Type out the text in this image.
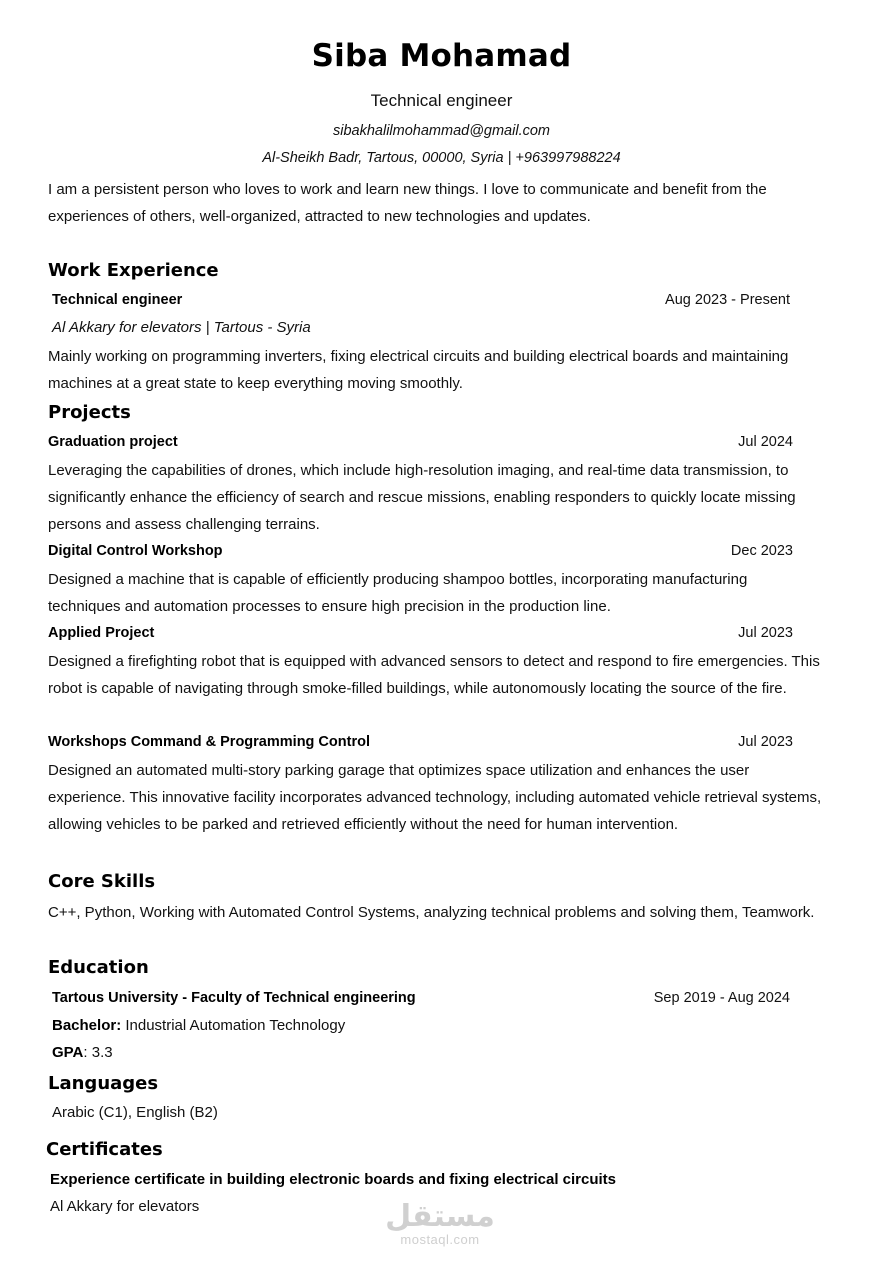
Siba Mohamad
Technical engineer
sibakhalilmohammad@gmail.com
Al-Sheikh Badr, Tartous, 00000, Syria | +963997988224
I am a persistent person who loves to work and learn new things. I love to communicate and benefit from the experiences of others, well-organized, attracted to new technologies and updates.
Work Experience
Technical engineer	Aug 2023 - Present
Al Akkary for elevators | Tartous - Syria
Mainly working on programming inverters, fixing electrical circuits and building electrical boards and maintaining machines at a great state to keep everything moving smoothly.
Projects
Graduation project	Jul 2024
Leveraging the capabilities of drones, which include high-resolution imaging, and real-time data transmission, to significantly enhance the efficiency of search and rescue missions, enabling responders to quickly locate missing persons and assess challenging terrains.
Digital Control Workshop	Dec 2023
Designed a machine that is capable of efficiently producing shampoo bottles, incorporating manufacturing techniques and automation processes to ensure high precision in the production line.
Applied Project	Jul 2023
Designed a firefighting robot that is equipped with advanced sensors to detect and respond to fire emergencies. This robot is capable of navigating through smoke-filled buildings, while autonomously locating the source of the fire.
Workshops Command & Programming Control	Jul 2023
Designed an automated multi-story parking garage that optimizes space utilization and enhances the user experience. This innovative facility incorporates advanced technology, including automated vehicle retrieval systems, allowing vehicles to be parked and retrieved efficiently without the need for human intervention.
Core Skills
C++, Python, Working with Automated Control Systems, analyzing technical problems and solving them, Teamwork.
Education
Tartous University - Faculty of Technical engineering	Sep 2019 - Aug 2024
Bachelor: Industrial Automation Technology
GPA: 3.3
Languages
Arabic (C1), English (B2)
Certificates
Experience certificate in building electronic boards and fixing electrical circuits
Al Akkary for elevators	مستقل
mostaql.com
